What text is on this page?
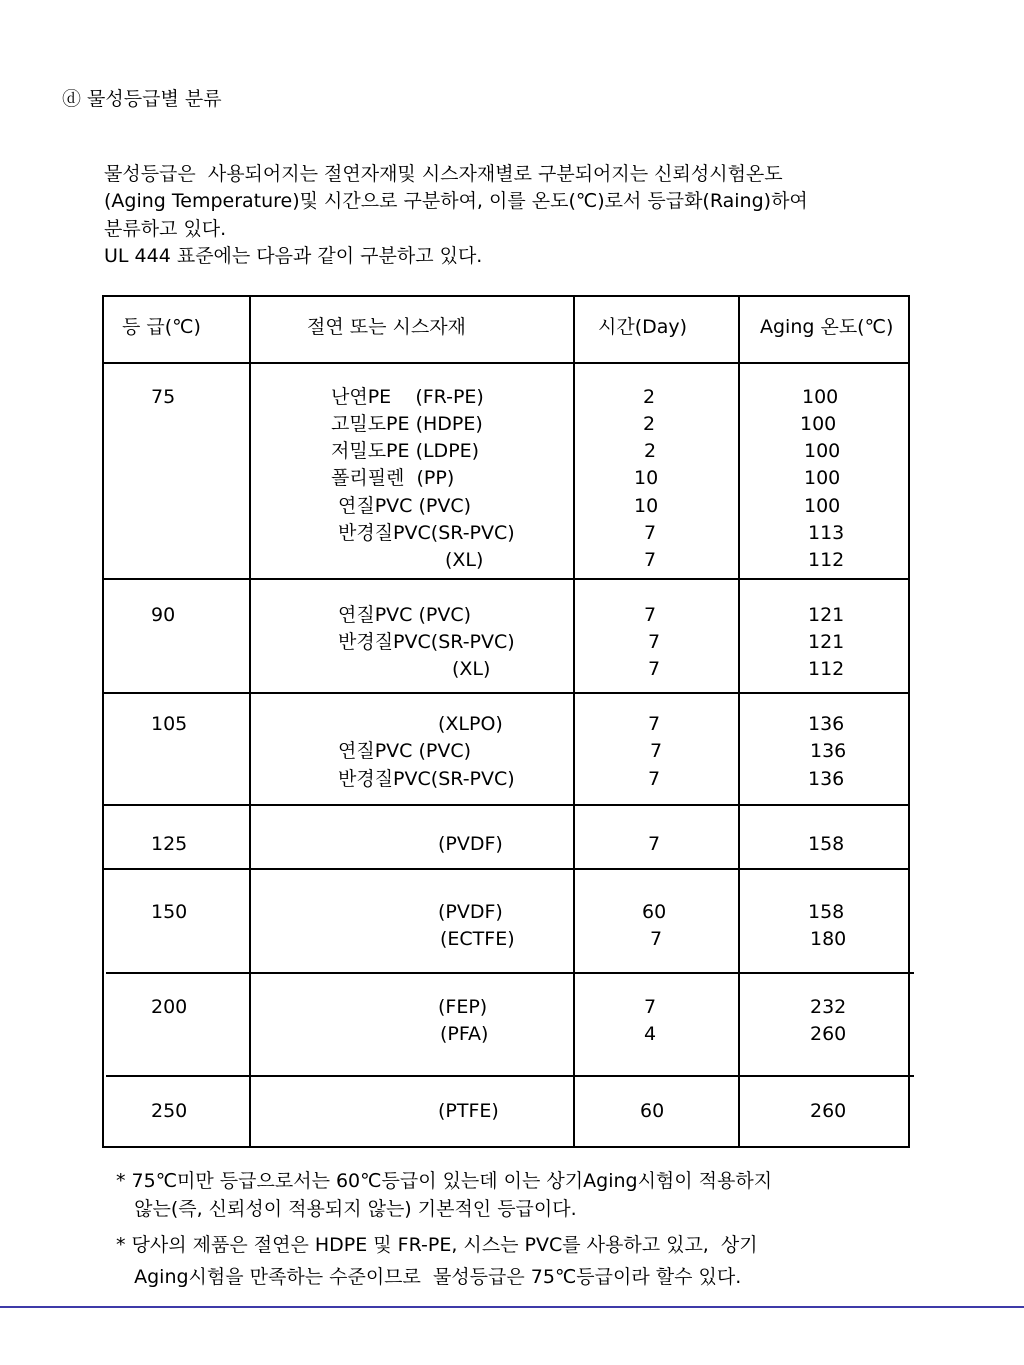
ⓓ 물성등급별 분류
물성등급은  사용되어지는 절연자재및 시스자재별로 구분되어지는 신뢰성시험온도
(Aging Temperature)및 시간으로 구분하여, 이를 온도(℃)로서 등급화(Raing)하여
분류하고 있다.
UL 444 표준에는 다음과 같이 구분하고 있다.
등 급(℃)	절연 또는 시스자재	시간(Day)	Aging 온도(℃)
75	난연PE    (FR-PE)	2	100
고밀도PE (HDPE)	2	100
저밀도PE (LDPE)	2	100
폴리필렌  (PP)	10	100
연질PVC (PVC)	10	100
반경질PVC(SR-PVC)	7	113
(XL)	7	112
90	연질PVC (PVC)	7	121
반경질PVC(SR-PVC)	7	121
(XL)	7	112
105	(XLPO)	7	136
연질PVC (PVC)	7	136
반경질PVC(SR-PVC)	7	136
125	(PVDF)	7	158
150	(PVDF)	60	158
(ECTFE)	7	180
200	(FEP)	7	232
(PFA)	4	260
250	(PTFE)	60	260
* 75℃미만 등급으로서는 60℃등급이 있는데 이는 상기Aging시험이 적용하지
않는(즉, 신뢰성이 적용되지 않는) 기본적인 등급이다.
* 당사의 제품은 절연은 HDPE 및 FR-PE, 시스는 PVC를 사용하고 있고,  상기
Aging시험을 만족하는 수준이므로  물성등급은 75℃등급이라 할수 있다.
